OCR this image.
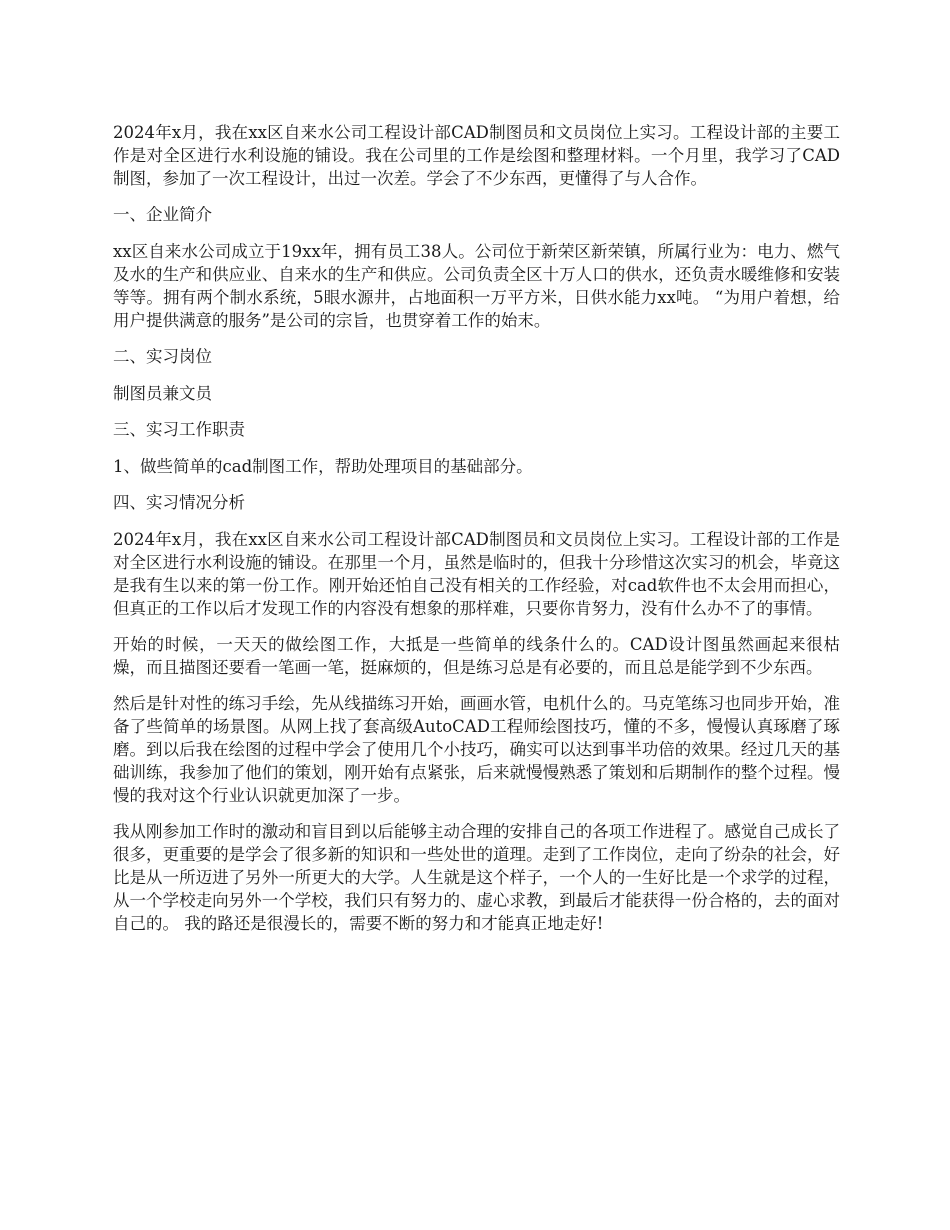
2024年x月，我在xx区自来水公司工程设计部CAD制图员和文员岗位上实习。工程设计部的主要工作是对全区进行水利设施的铺设。我在公司里的工作是绘图和整理材料。一个月里，我学习了CAD制图，参加了一次工程设计，出过一次差。学会了不少东西，更懂得了与人合作。

一、企业简介

xx区自来水公司成立于19xx年，拥有员工38人。公司位于新荣区新荣镇，所属行业为：电力、燃气及水的生产和供应业、自来水的生产和供应。公司负责全区十万人口的供水，还负责水暖维修和安装等等。拥有两个制水系统，5眼水源井，占地面积一万平方米，日供水能力xx吨。 “为用户着想，给用户提供满意的服务”是公司的宗旨，也贯穿着工作的始末。

二、实习岗位

制图员兼文员

三、实习工作职责

1、做些简单的cad制图工作，帮助处理项目的基础部分。

四、实习情况分析

2024年x月，我在xx区自来水公司工程设计部CAD制图员和文员岗位上实习。工程设计部的工作是对全区进行水利设施的铺设。在那里一个月，虽然是临时的，但我十分珍惜这次实习的机会，毕竟这是我有生以来的第一份工作。刚开始还怕自己没有相关的工作经验，对cad软件也不太会用而担心，但真正的工作以后才发现工作的内容没有想象的那样难，只要你肯努力，没有什么办不了的事情。

开始的时候，一天天的做绘图工作，大抵是一些简单的线条什么的。CAD设计图虽然画起来很枯燥，而且描图还要看一笔画一笔，挺麻烦的，但是练习总是有必要的，而且总是能学到不少东西。

然后是针对性的练习手绘，先从线描练习开始，画画水管，电机什么的。马克笔练习也同步开始，准备了些简单的场景图。从网上找了套高级AutoCAD工程师绘图技巧，懂的不多，慢慢认真琢磨了琢磨。到以后我在绘图的过程中学会了使用几个小技巧，确实可以达到事半功倍的效果。经过几天的基础训练，我参加了他们的策划，刚开始有点紧张，后来就慢慢熟悉了策划和后期制作的整个过程。慢慢的我对这个行业认识就更加深了一步。

我从刚参加工作时的激动和盲目到以后能够主动合理的安排自己的各项工作进程了。感觉自己成长了很多，更重要的是学会了很多新的知识和一些处世的道理。走到了工作岗位，走向了纷杂的社会，好比是从一所迈进了另外一所更大的大学。人生就是这个样子，一个人的一生好比是一个求学的过程，从一个学校走向另外一个学校，我们只有努力的、虚心求教，到最后才能获得一份合格的，去的面对自己的。 我的路还是很漫长的，需要不断的努力和才能真正地走好!
